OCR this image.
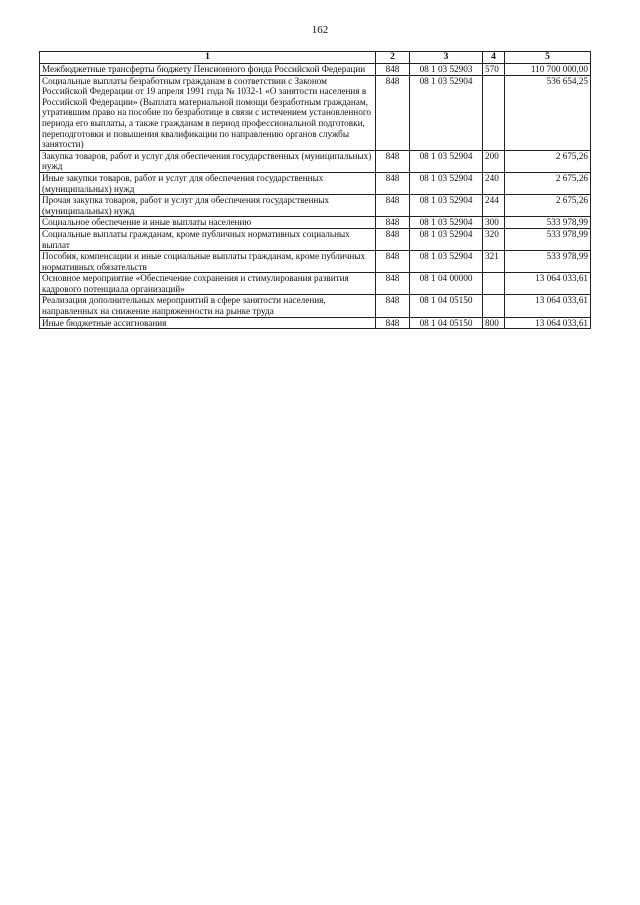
162
1	2	3	4	5
Межбюджетные трансферты бюджету Пенсионного фонда Российской Федерации	848	08 1 03 52903	570	110 700 000,00
Социальные выплаты безработным гражданам в соответствии с Законом Российской Федерации от 19 апреля 1991 года № 1032-1 «О занятости населения в Российской Федерации» (Выплата материальной помощи безработным гражданам, утратившим право на пособие по безработице в связи с истечением установленного периода его выплаты, а также гражданам в период профессиональной подготовки, переподготовки и повышения квалификации по направлению органов службы занятости)	848	08 1 03 52904		536 654,25
Закупка товаров, работ и услуг для обеспечения государственных (муниципальных) нужд	848	08 1 03 52904	200	2 675,26
Иные закупки товаров, работ и услуг для обеспечения государственных (муниципальных) нужд	848	08 1 03 52904	240	2 675,26
Прочая закупка товаров, работ и услуг для обеспечения государственных (муниципальных) нужд	848	08 1 03 52904	244	2 675,26
Социальное обеспечение и иные выплаты населению	848	08 1 03 52904	300	533 978,99
Социальные выплаты гражданам, кроме публичных нормативных социальных выплат	848	08 1 03 52904	320	533 978,99
Пособия, компенсации и иные социальные выплаты гражданам, кроме публичных нормативных обязательств	848	08 1 03 52904	321	533 978,99
Основное мероприятие «Обеспечение сохранения и стимулирования развития кадрового потенциала организаций»	848	08 1 04 00000		13 064 033,61
Реализация дополнительных мероприятий в сфере занятости населения, направленных на снижение напряженности на рынке труда	848	08 1 04 05150		13 064 033,61
Иные бюджетные ассигнования	848	08 1 04 05150	800	13 064 033,61
